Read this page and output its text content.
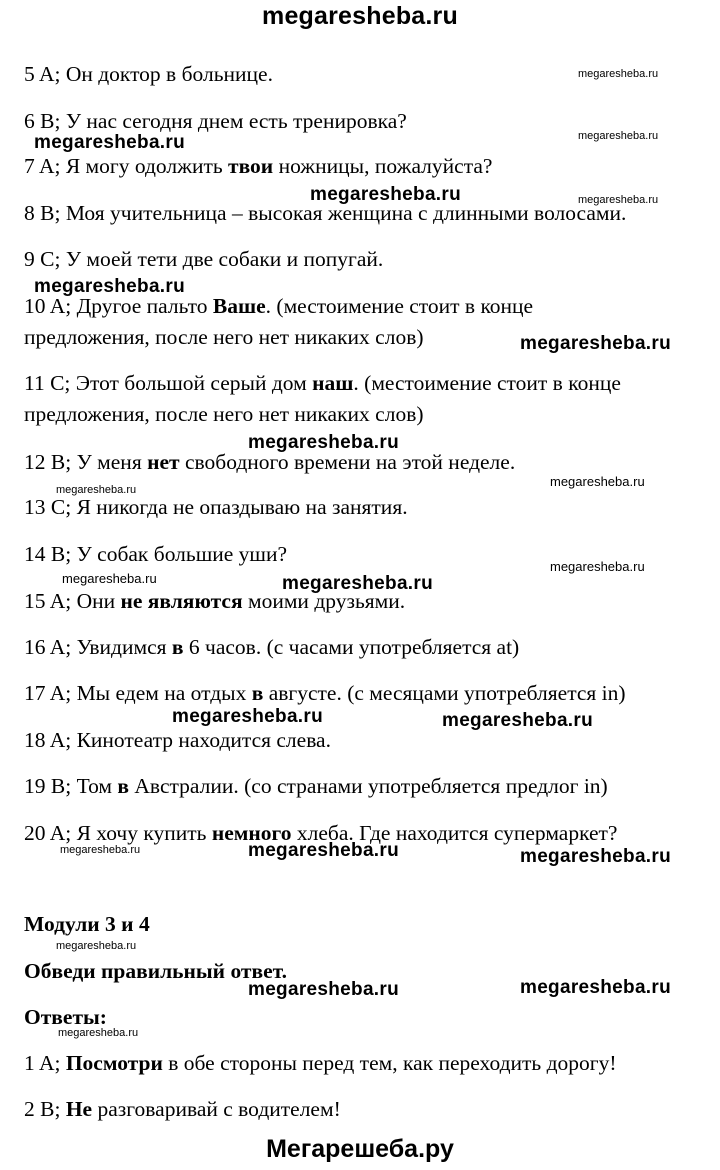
megaresheba.ru
5 A; Он доктор в больнице.
6 B; У нас сегодня днем есть тренировка?
7 A; Я могу одолжить твои ножницы, пожалуйста?
8 B; Моя учительница – высокая женщина с длинными волосами.
9 C; У моей тети две собаки и попугай.
10 A; Другое пальто Ваше. (местоимение стоит в конце
предложения, после него нет никаких слов)
11 C; Этот большой серый дом наш. (местоимение стоит в конце
предложения, после него нет никаких слов)
12 B; У меня нет свободного времени на этой неделе.
13 C; Я никогда не опаздываю на занятия.
14 B; У собак большие уши?
15 A; Они не являются моими друзьями.
16 A; Увидимся в 6 часов. (с часами употребляется at)
17 A; Мы едем на отдых в августе. (с месяцами употребляется in)
18 A; Кинотеатр находится слева.
19 B; Том в Австралии. (со странами употребляется предлог in)
20 A; Я хочу купить немного хлеба. Где находится супермаркет?
Модули 3 и 4
Обведи правильный ответ.
Ответы:
1 A; Посмотри в обе стороны перед тем, как переходить дорогу!
2 B; Не разговаривай с водителем!
megaresheba.ru
megaresheba.ru
megaresheba.ru
megaresheba.ru	megaresheba.ru
megaresheba.ru
megaresheba.ru
megaresheba.ru
megaresheba.ru
megaresheba.ru
megaresheba.ru
megaresheba.ru	megaresheba.ru
megaresheba.ru	megaresheba.ru
megaresheba.ru
megaresheba.ru	megaresheba.ru
megaresheba.ru
megaresheba.ru	megaresheba.ru
megaresheba.ru
Мегарешеба.ру
